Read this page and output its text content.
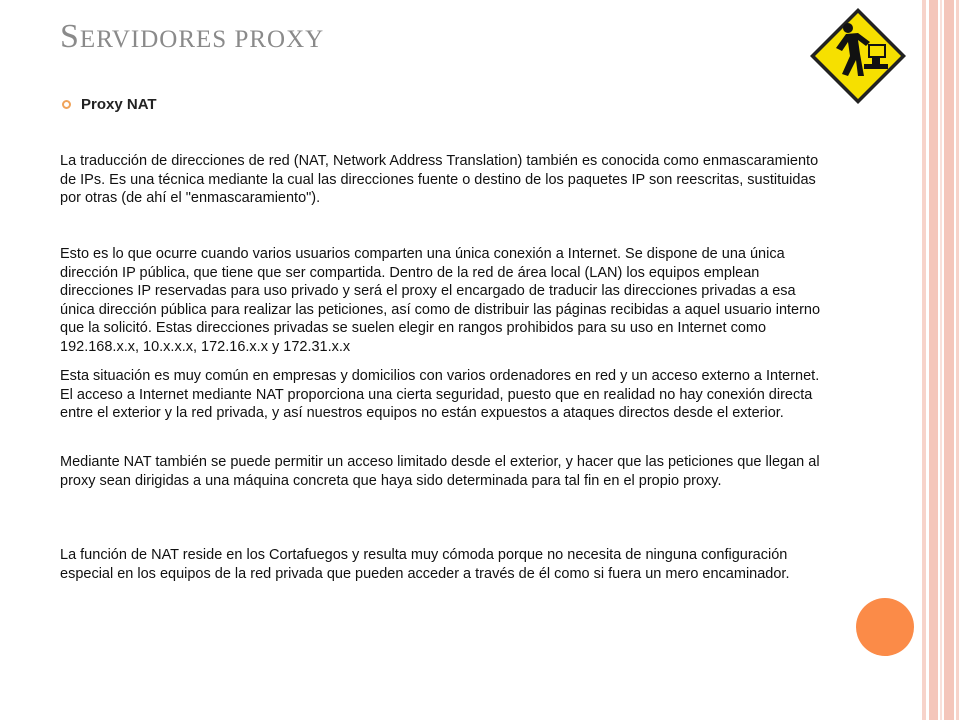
SERVIDORES PROXY
Proxy NAT

La traducción de direcciones de red (NAT, Network Address Translation) también es conocida como enmascaramiento de IPs. Es una técnica mediante la cual las direcciones fuente o destino de los paquetes IP son reescritas, sustituidas por otras (de ahí el "enmascaramiento").

Esto es lo que ocurre cuando varios usuarios comparten una única conexión a Internet. Se dispone de una única dirección IP pública, que tiene que ser compartida. Dentro de la red de área local (LAN) los equipos emplean direcciones IP reservadas para uso privado y será el proxy el encargado de traducir las direcciones privadas a esa única dirección pública para realizar las peticiones, así como de distribuir las páginas recibidas a aquel usuario interno que la solicitó. Estas direcciones privadas se suelen elegir en rangos prohibidos para su uso en Internet como 192.168.x.x, 10.x.x.x, 172.16.x.x y 172.31.x.x

Esta situación es muy común en empresas y domicilios con varios ordenadores en red y un acceso externo a Internet. El acceso a Internet mediante NAT proporciona una cierta seguridad, puesto que en realidad no hay conexión directa entre el exterior y la red privada, y así nuestros equipos no están expuestos a ataques directos desde el exterior.

Mediante NAT también se puede permitir un acceso limitado desde el exterior, y hacer que las peticiones que llegan al proxy sean dirigidas a una máquina concreta que haya sido determinada para tal fin en el propio proxy.

La función de NAT reside en los Cortafuegos y resulta muy cómoda porque no necesita de ninguna configuración especial en los equipos de la red privada que pueden acceder a través de él como si fuera un mero encaminador.
